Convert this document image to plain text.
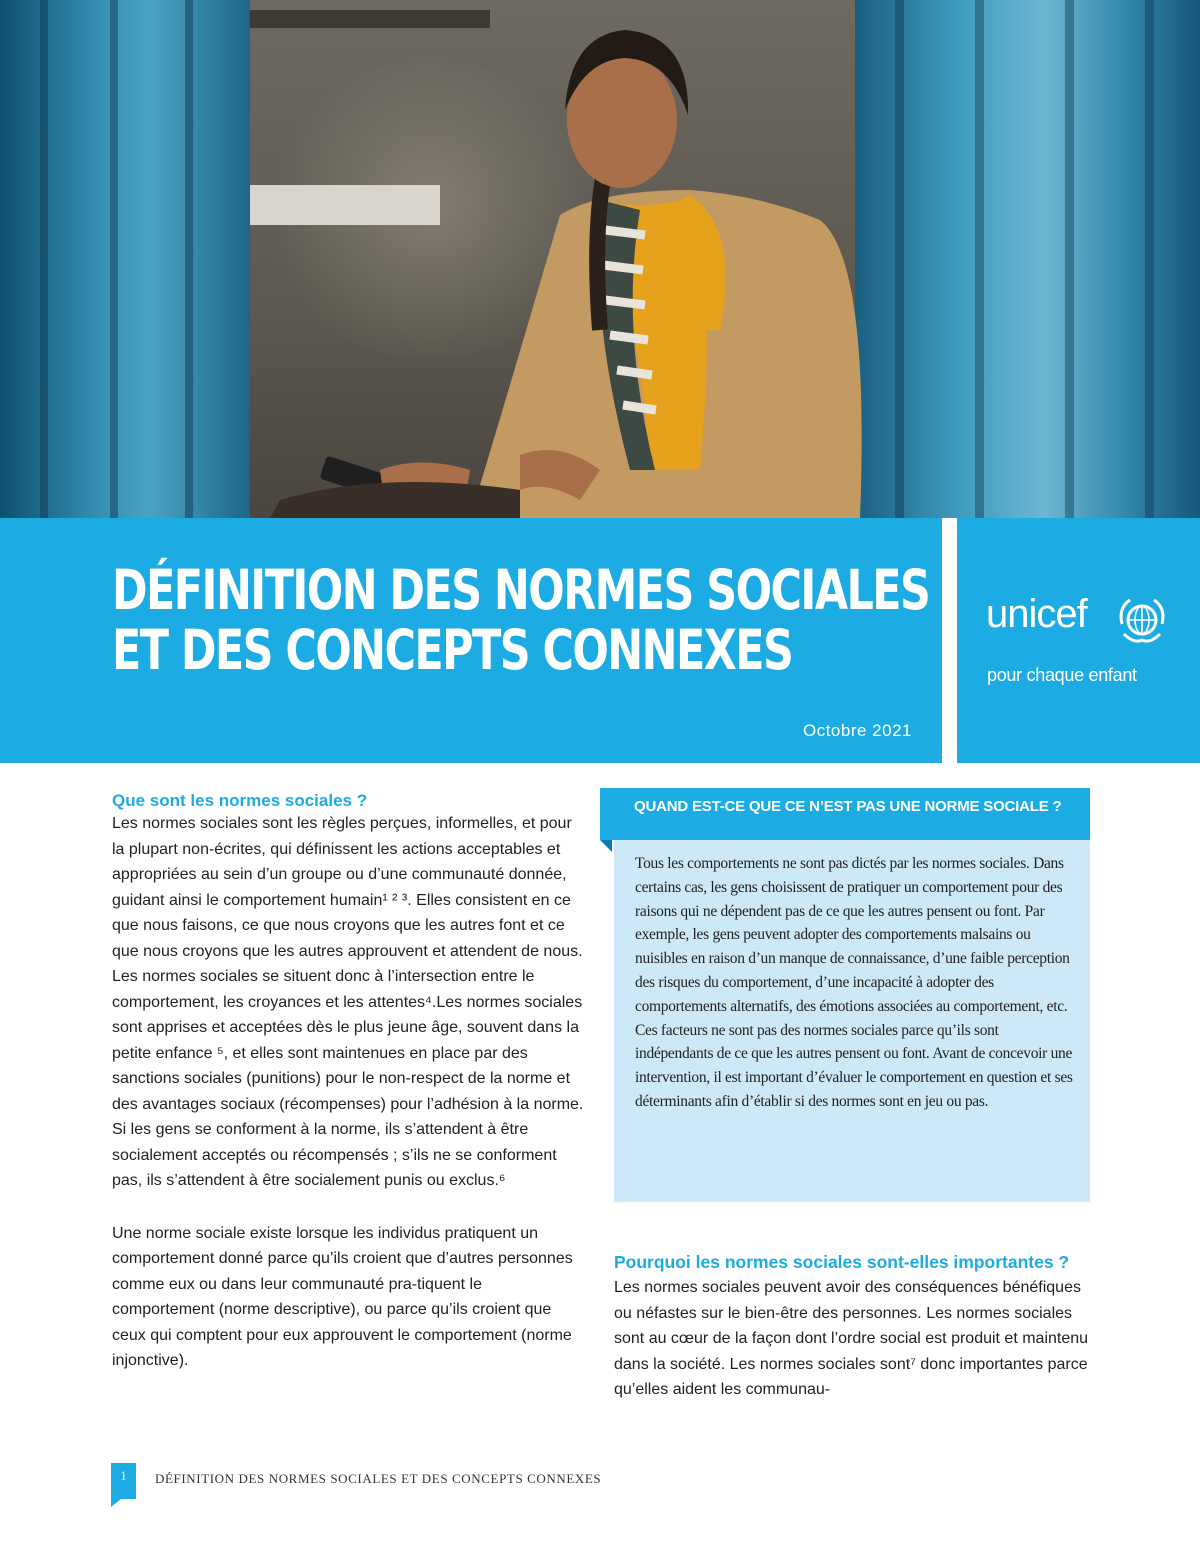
DÉFINITION DES NORMES SOCIALES
ET DES CONCEPTS CONNEXES
Octobre 2021
unicef
pour chaque enfant
Que sont les normes sociales ?

Les normes sociales sont les règles perçues, informelles, et pour la plupart non-écrites, qui définissent les actions acceptables et appropriées au sein d’un groupe ou d’une communauté donnée, guidant ainsi le comportement humain¹ ² ³. Elles consistent en ce que nous faisons, ce que nous croyons que les autres font et ce que nous croyons que les autres approuvent et attendent de nous. Les normes sociales se situent donc à l’intersection entre le comportement, les croyances et les attentes⁴.Les normes sociales sont apprises et acceptées dès le plus jeune âge, souvent dans la petite enfance ⁵, et elles sont maintenues en place par des sanctions sociales (punitions) pour le non-respect de la norme et des avantages sociaux (récompenses) pour l’adhésion à la norme. Si les gens se conforment à la norme, ils s’attendent à être socialement acceptés ou récompensés ; s’ils ne se conforment pas, ils s’attendent à être socialement punis ou exclus.⁶

Une norme sociale existe lorsque les individus pratiquent un comportement donné parce qu’ils croient que d’autres personnes comme eux ou dans leur communauté pra-tiquent le comportement (norme descriptive), ou parce qu’ils croient que ceux qui comptent pour eux approuvent le comportement (norme injonctive).

QUAND EST-CE QUE CE N’EST PAS UNE NORME SOCIALE ?

Tous les comportements ne sont pas dictés par les normes sociales. Dans certains cas, les gens choisissent de pratiquer un comportement pour des raisons qui ne dépendent pas de ce que les autres pensent ou font. Par exemple, les gens peuvent adopter des comportements malsains ou nuisibles en raison d’un manque de connaissance, d’une faible perception des risques du comportement, d’une incapacité à adopter des comportements alternatifs, des émotions associées au comportement, etc. Ces facteurs ne sont pas des normes sociales parce qu’ils sont indépendants de ce que les autres pensent ou font. Avant de concevoir une intervention, il est important d’évaluer le comportement en question et ses déterminants afin d’établir si des normes sont en jeu ou pas.

Pourquoi les normes sociales sont-elles importantes ?

Les normes sociales peuvent avoir des conséquences bénéfiques ou néfastes sur le bien-être des personnes. Les normes sociales sont au cœur de la façon dont l’ordre social est produit et maintenu dans la société. Les normes sociales sont⁷ donc importantes parce qu’elles aident les communau-

1	DÉFINITION DES NORMES SOCIALES ET DES CONCEPTS CONNEXES
